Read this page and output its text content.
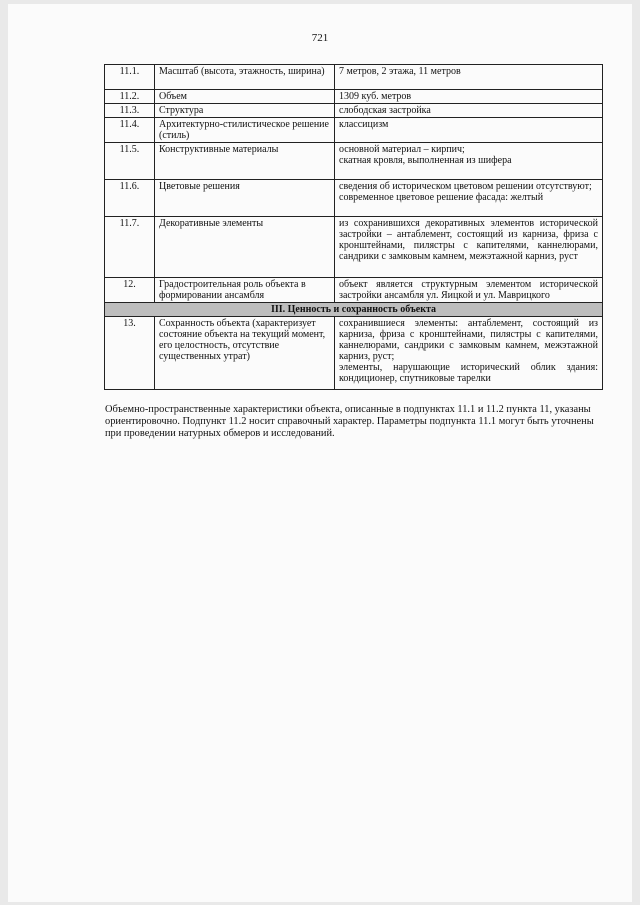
721
11.1.	Масштаб (высота, этажность, ширина)	7 метров, 2 этажа, 11 метров

11.2.	Объем	1309 куб. метров

11.3.	Структура	слободская застройка

11.4.	Архитектурно-стилистическое решение (стиль)	классицизм

11.5.	Конструктивные материалы	основной материал – кирпич;
скатная кровля, выполненная из шифера

11.6.	Цветовые решения	сведения об историческом цветовом решении отсутствуют;
современное цветовое решение фасада: желтый

11.7.	Декоративные элементы	из сохранившихся декоративных элементов исторической застройки – антаблемент, состоящий из карниза, фриза с кронштейнами, пилястры с капителями, каннелюрами, сандрики с замковым камнем, межэтажной карниз, руст

12.	Градостроительная роль объекта в формировании ансамбля	объект является структурным элементом исторической застройки ансамбля ул. Яицкой и ул. Маврицкого

III. Ценность и сохранность объекта		
13.	Сохранность объекта (характеризует состояние объекта на текущий момент, его целостность, отсутствие существенных утрат)	сохранившиеся элементы: антаблемент, состоящий из карниза, фриза с кронштейнами, пилястры с капителями, каннелюрами, сандрики с замковым камнем, межэтажной карниз, руст;
элементы, нарушающие исторический облик здания: кондиционер, спутниковые тарелки
Объемно-пространственные характеристики объекта, описанные в подпунктах 11.1 и 11.2 пункта 11, указаны ориентировочно. Подпункт 11.2 носит справочный характер. Параметры подпункта 11.1 могут быть уточнены при проведении натурных обмеров и исследований.
